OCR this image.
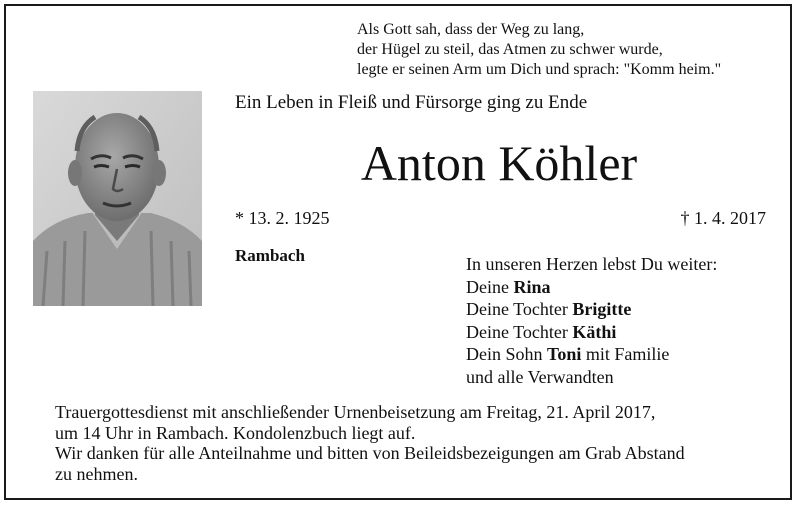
Als Gott sah, dass der Weg zu lang,
der Hügel zu steil, das Atmen zu schwer wurde,
legte er seinen Arm um Dich und sprach: "Komm heim."
Ein Leben in Fleiß und Fürsorge ging zu Ende
Anton Köhler
* 13. 2. 1925	† 1. 4. 2017
Rambach	In unseren Herzen lebst Du weiter:
Deine Rina
Deine Tochter Brigitte
Deine Tochter Käthi
Dein Sohn Toni mit Familie
und alle Verwandten
Trauergottesdienst mit anschließender Urnenbeisetzung am Freitag, 21. April 2017,
um 14 Uhr in Rambach. Kondolenzbuch liegt auf.
Wir danken für alle Anteilnahme und bitten von Beileidsbezeigungen am Grab Abstand
zu nehmen.
